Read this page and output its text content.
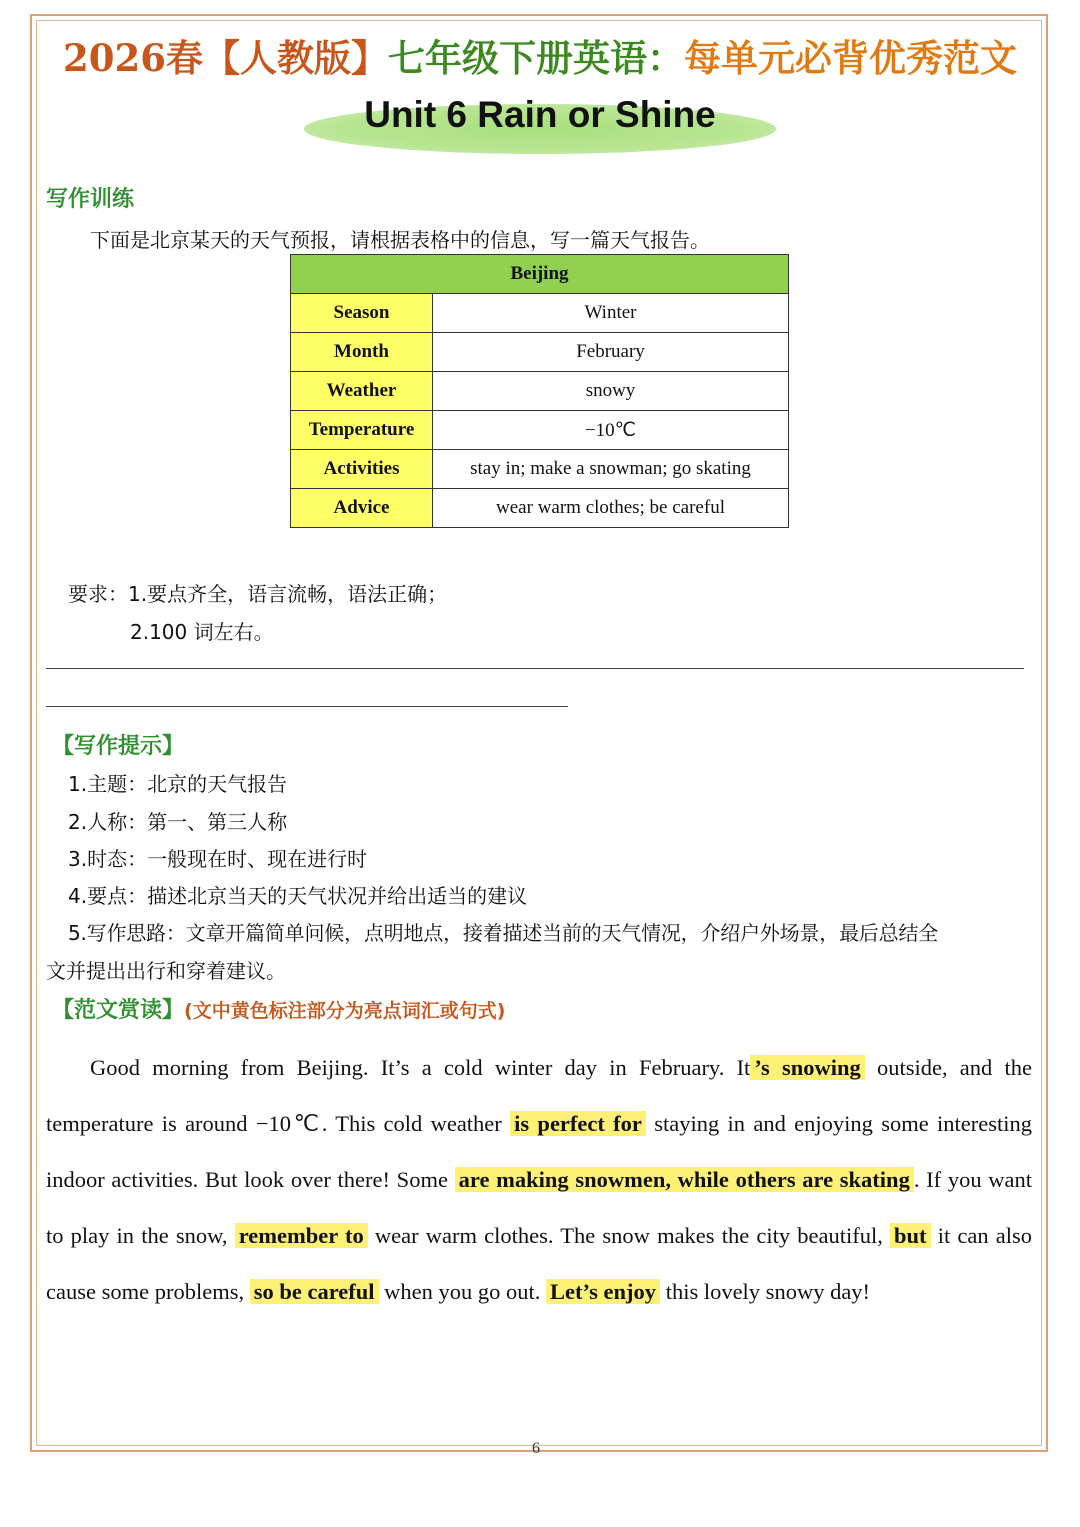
2026春【人教版】七年级下册英语：每单元必背优秀范文
Unit 6 Rain or Shine
写作训练
下面是北京某天的天气预报，请根据表格中的信息，写一篇天气报告。
Beijing	
Season	Winter
Month	February
Weather	snowy
Temperature	−10℃
Activities	stay in; make a snowman; go skating
Advice	wear warm clothes; be careful
要求：1.要点齐全，语言流畅，语法正确；
2.100 词左右。
【写作提示】
1.主题：北京的天气报告
2.人称：第一、第三人称
3.时态：一般现在时、现在进行时
4.要点：描述北京当天的天气状况并给出适当的建议
5.写作思路：文章开篇简单问候，点明地点，接着描述当前的天气情况，介绍户外场景，最后总结全
文并提出出行和穿着建议。
【范文赏读】(文中黄色标注部分为亮点词汇或句式)

Good morning from Beijing. It’s a cold winter day in February. It ’s snowing outside, and the temperature is around −10℃. This cold weather is perfect for staying in and enjoying some interesting indoor activities. But look over there! Some are making snowmen, while others are skating . If you want to play in the snow, remember to wear warm clothes. The snow makes the city beautiful, but it can also cause some problems, so be careful when you go out. Let’s enjoy this lovely snowy day!

6
